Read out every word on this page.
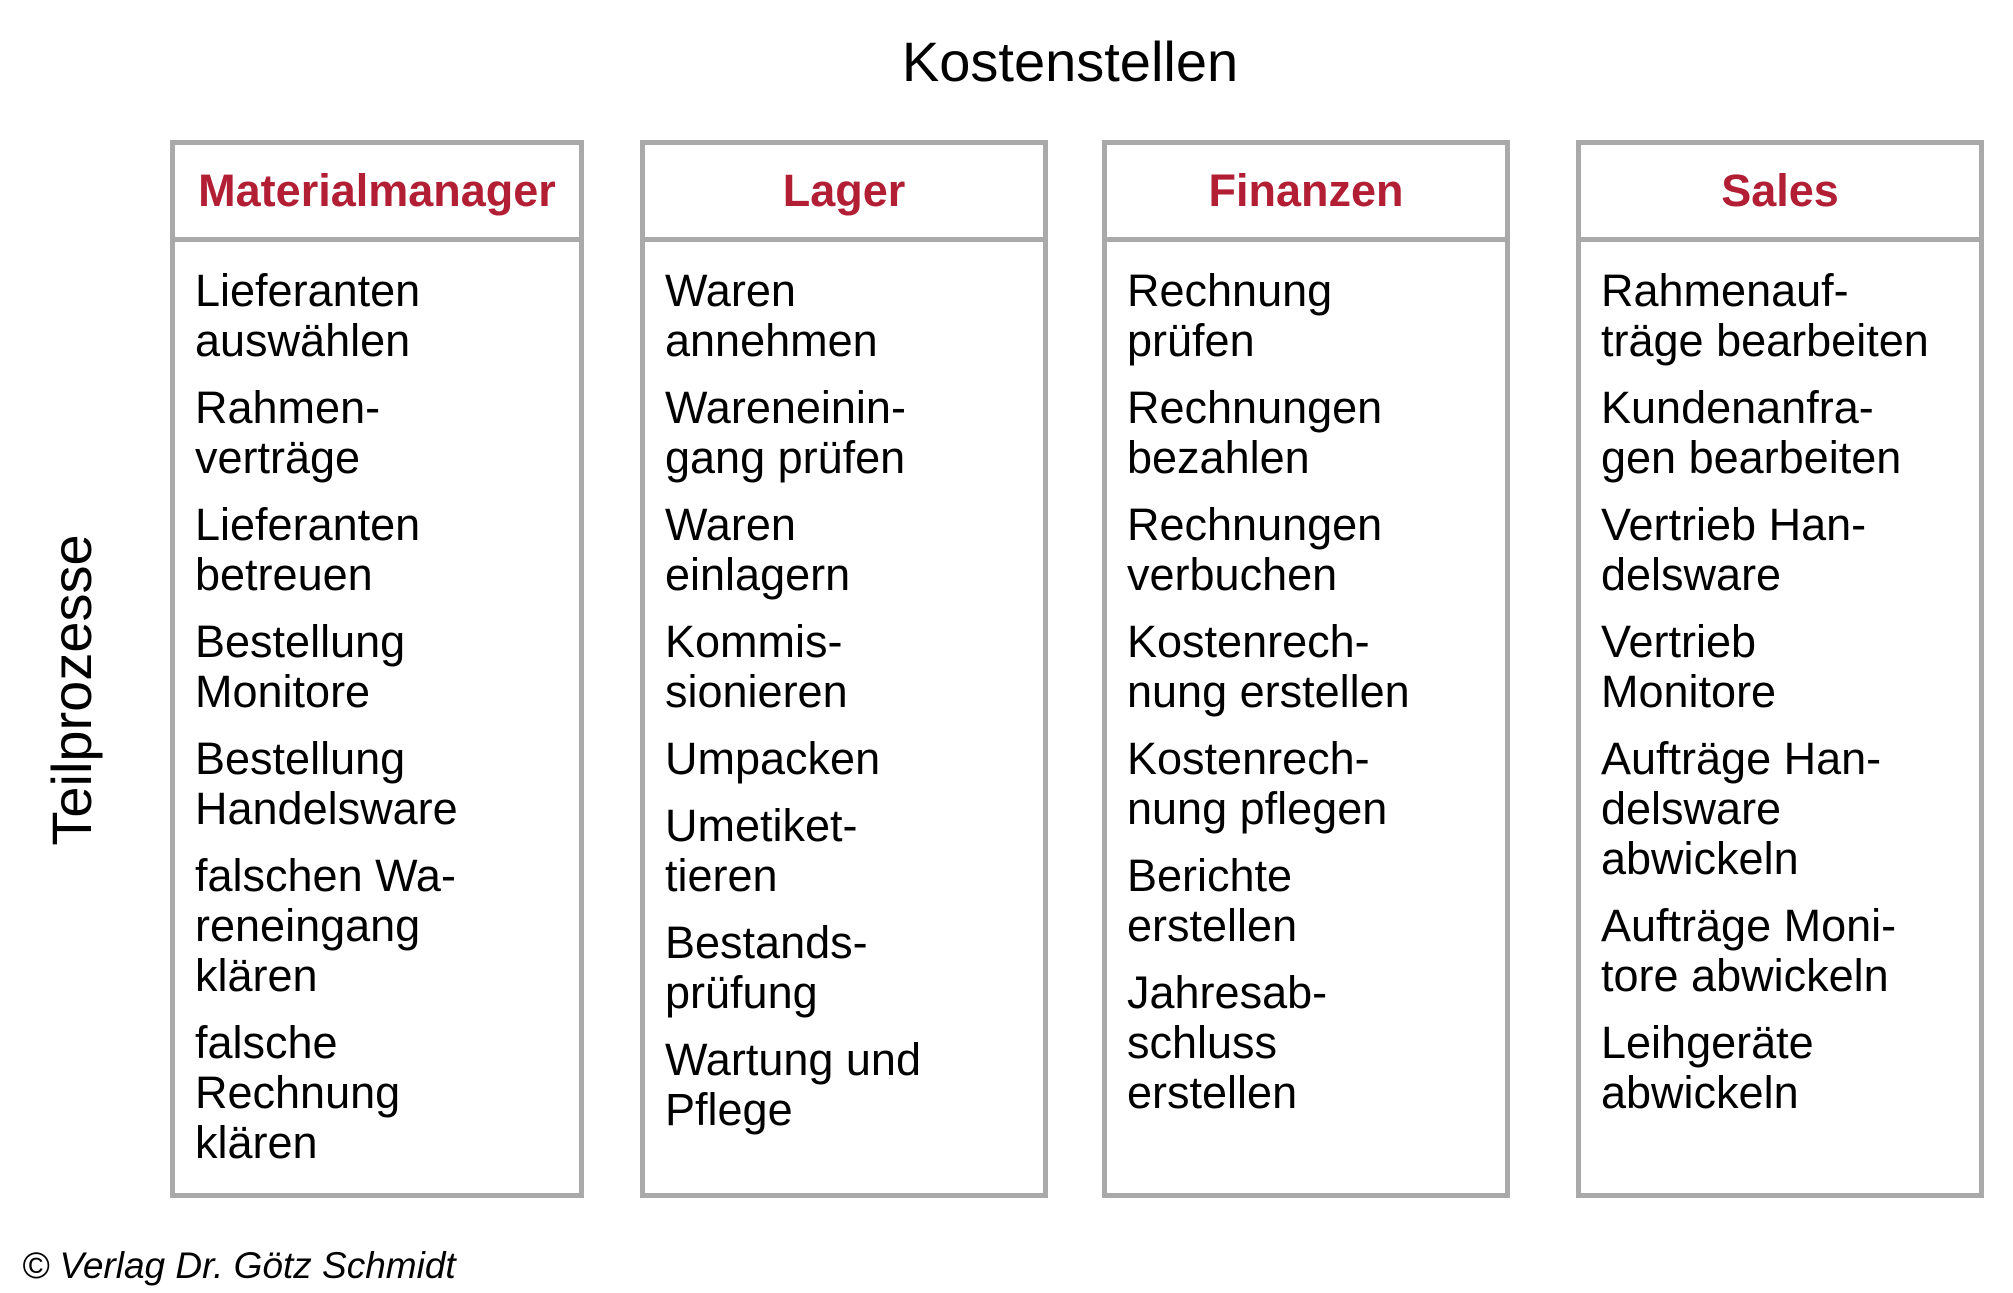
Kostenstellen
Teilprozesse
Materialmanager
Lieferanten
auswählen
Rahmen-
verträge
Lieferanten
betreuen
Bestellung
Monitore
Bestellung
Handelsware
falschen Wa-
reneingang
klären
falsche
Rechnung
klären
Lager
Waren
annehmen
Wareneinin-
gang prüfen
Waren
einlagern
Kommis-
sionieren
Umpacken
Umetiket-
tieren
Bestands-
prüfung
Wartung und
Pflege
Finanzen
Rechnung
prüfen
Rechnungen
bezahlen
Rechnungen
verbuchen
Kostenrech-
nung erstellen
Kostenrech-
nung pflegen
Berichte
erstellen
Jahresab-
schluss
erstellen
Sales
Rahmenauf-
träge bearbeiten
Kundenanfra-
gen bearbeiten
Vertrieb Han-
delsware
Vertrieb
Monitore
Aufträge Han-
delsware
abwickeln
Aufträge Moni-
tore abwickeln
Leihgeräte
abwickeln
© Verlag Dr. Götz Schmidt
